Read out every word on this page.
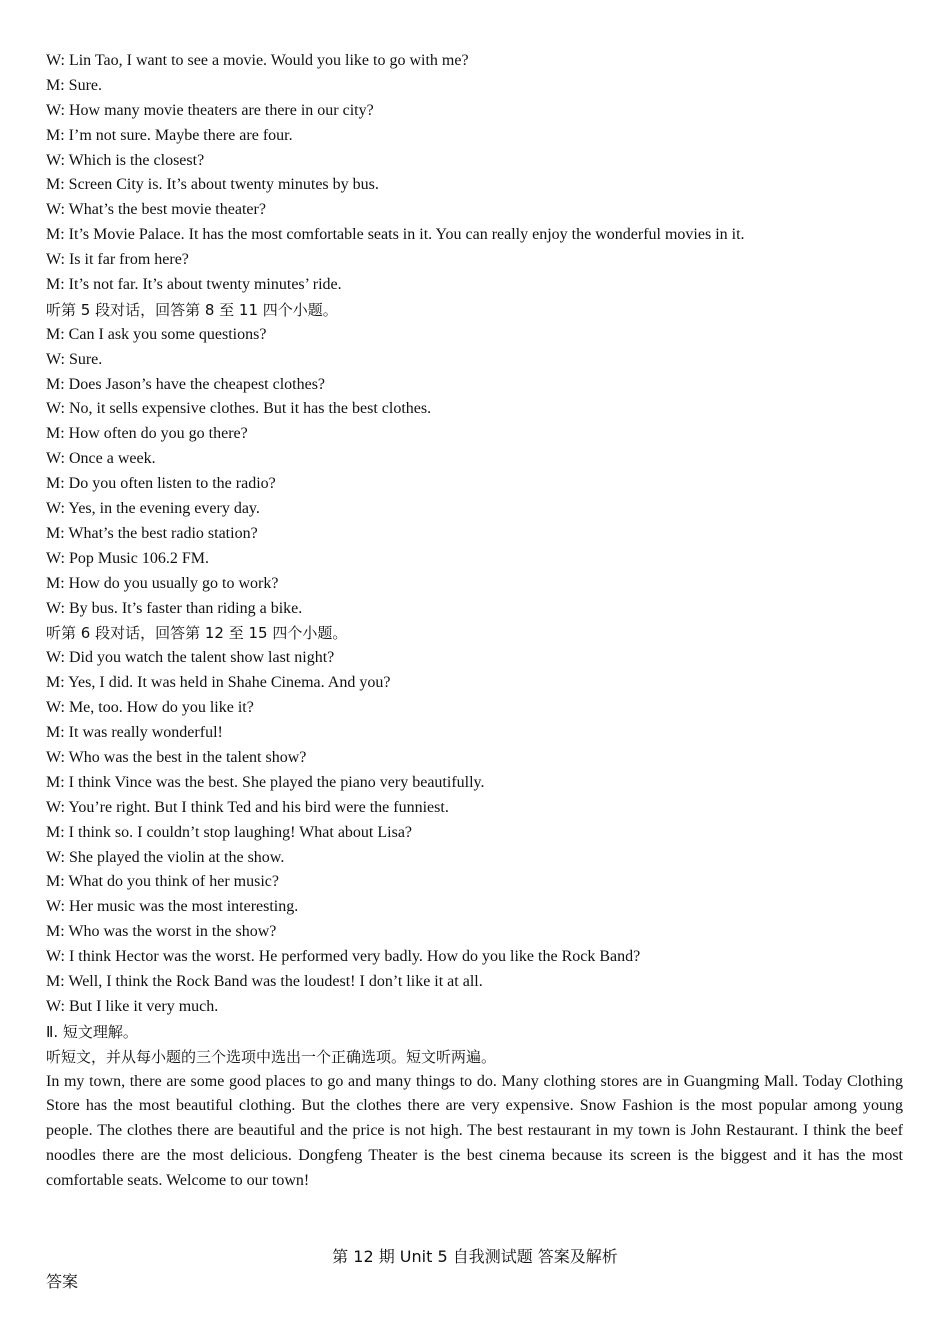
W: Lin Tao, I want to see a movie. Would you like to go with me?
M: Sure.
W: How many movie theaters are there in our city?
M: I’m not sure. Maybe there are four.
W: Which is the closest?
M: Screen City is. It’s about twenty minutes by bus.
W: What’s the best movie theater?
M: It’s Movie Palace. It has the most comfortable seats in it. You can really enjoy the wonderful movies in it.
W: Is it far from here?
M: It’s not far. It’s about twenty minutes’ ride.
听第 5 段对话，回答第 8 至 11 四个小题。
M: Can I ask you some questions?
W: Sure.
M: Does Jason’s have the cheapest clothes?
W: No, it sells expensive clothes. But it has the best clothes.
M: How often do you go there?
W: Once a week.
M: Do you often listen to the radio?
W: Yes, in the evening every day.
M: What’s the best radio station?
W: Pop Music 106.2 FM.
M: How do you usually go to work?
W: By bus. It’s faster than riding a bike.
听第 6 段对话，回答第 12 至 15 四个小题。
W: Did you watch the talent show last night?
M: Yes, I did. It was held in Shahe Cinema. And you?
W: Me, too. How do you like it?
M: It was really wonderful!
W: Who was the best in the talent show?
M: I think Vince was the best. She played the piano very beautifully.
W: You’re right. But I think Ted and his bird were the funniest.
M: I think so. I couldn’t stop laughing! What about Lisa?
W: She played the violin at the show.
M: What do you think of her music?
W: Her music was the most interesting.
M: Who was the worst in the show?
W: I think Hector was the worst. He performed very badly. How do you like the Rock Band?
M: Well, I think the Rock Band was the loudest! I don’t like it at all.
W: But I like it very much.
Ⅱ. 短文理解。
听短文，并从每小题的三个选项中选出一个正确选项。短文听两遍。
In my town, there are some good places to go and many things to do. Many clothing stores are in Guangming Mall. Today Clothing Store has the most beautiful clothing. But the clothes there are very expensive. Snow Fashion is the most popular among young people. The clothes there are beautiful and the price is not high. The best restaurant in my town is John Restaurant. I think the beef noodles there are the most delicious. Dongfeng Theater is the best cinema because its screen is the biggest and it has the most comfortable seats. Welcome to our town!
第 12 期 Unit 5 自我测试题 答案及解析
答案
